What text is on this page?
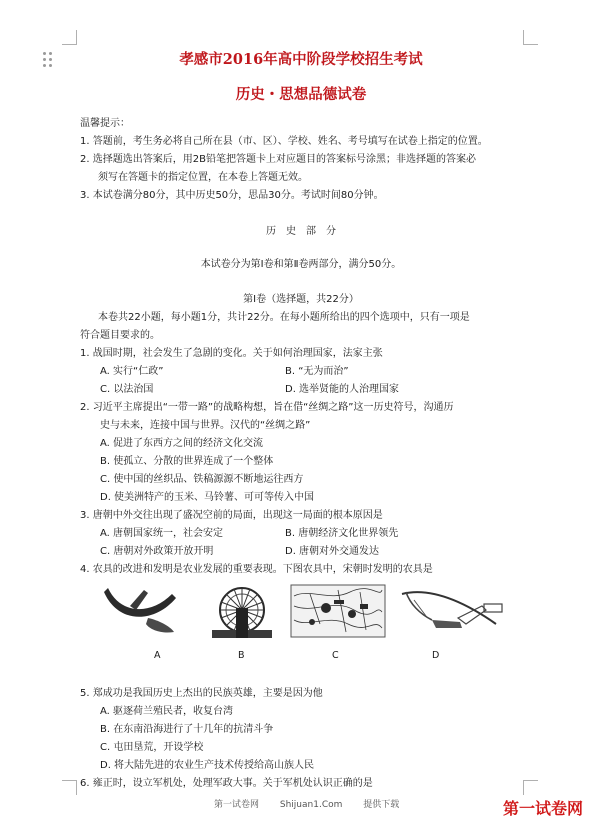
孝感市2016年高中阶段学校招生考试
历史・思想品德试卷
温馨提示：
1. 答题前，考生务必将自己所在县（市、区）、学校、姓名、考号填写在试卷上指定的位置。
2. 选择题选出答案后，用2B铅笔把答题卡上对应题目的答案标号涂黑；非选择题的答案必
须写在答题卡的指定位置，在本卷上答题无效。
3. 本试卷满分80分，其中历史50分，思品30分。考试时间80分钟。
历　史　部　分
本试卷分为第Ⅰ卷和第Ⅱ卷两部分，满分50分。
第Ⅰ卷（选择题，共22分）
本卷共22小题，每小题1分，共计22分。在每小题所给出的四个选项中，只有一项是
符合题目要求的。
1. 战国时期，社会发生了急剧的变化。关于如何治理国家，法家主张
A. 实行“仁政”	B. “无为而治”
C. 以法治国	D. 选举贤能的人治理国家
2. 习近平主席提出“一带一路”的战略构想，旨在借“丝绸之路”这一历史符号，沟通历
史与未来，连接中国与世界。汉代的“丝绸之路”
A. 促进了东西方之间的经济文化交流
B. 使孤立、分散的世界连成了一个整体
C. 使中国的丝织品、铁稿源源不断地运往西方
D. 使美洲特产的玉米、马铃薯、可可等传入中国
3. 唐朝中外交往出现了盛况空前的局面，出现这一局面的根本原因是
A. 唐朝国家统一，社会安定	B. 唐朝经济文化世界领先
C. 唐朝对外政策开放开明	D. 唐朝对外交通发达
4. 农具的改进和发明是农业发展的重要表现。下图农具中，宋朝时发明的农具是
A	B	C	D
5. 郑成功是我国历史上杰出的民族英雄，主要是因为他
A. 驱逐荷兰殖民者，收复台湾
B. 在东南沿海进行了十几年的抗清斗争
C. 屯田垦荒，开设学校
D. 将大陆先进的农业生产技术传授给高山族人民
6. 雍正时，设立军机处，处理军政大事。关于军机处认识正确的是
第一试卷网 Shijuan1.Com 提供下载	第一试卷网
